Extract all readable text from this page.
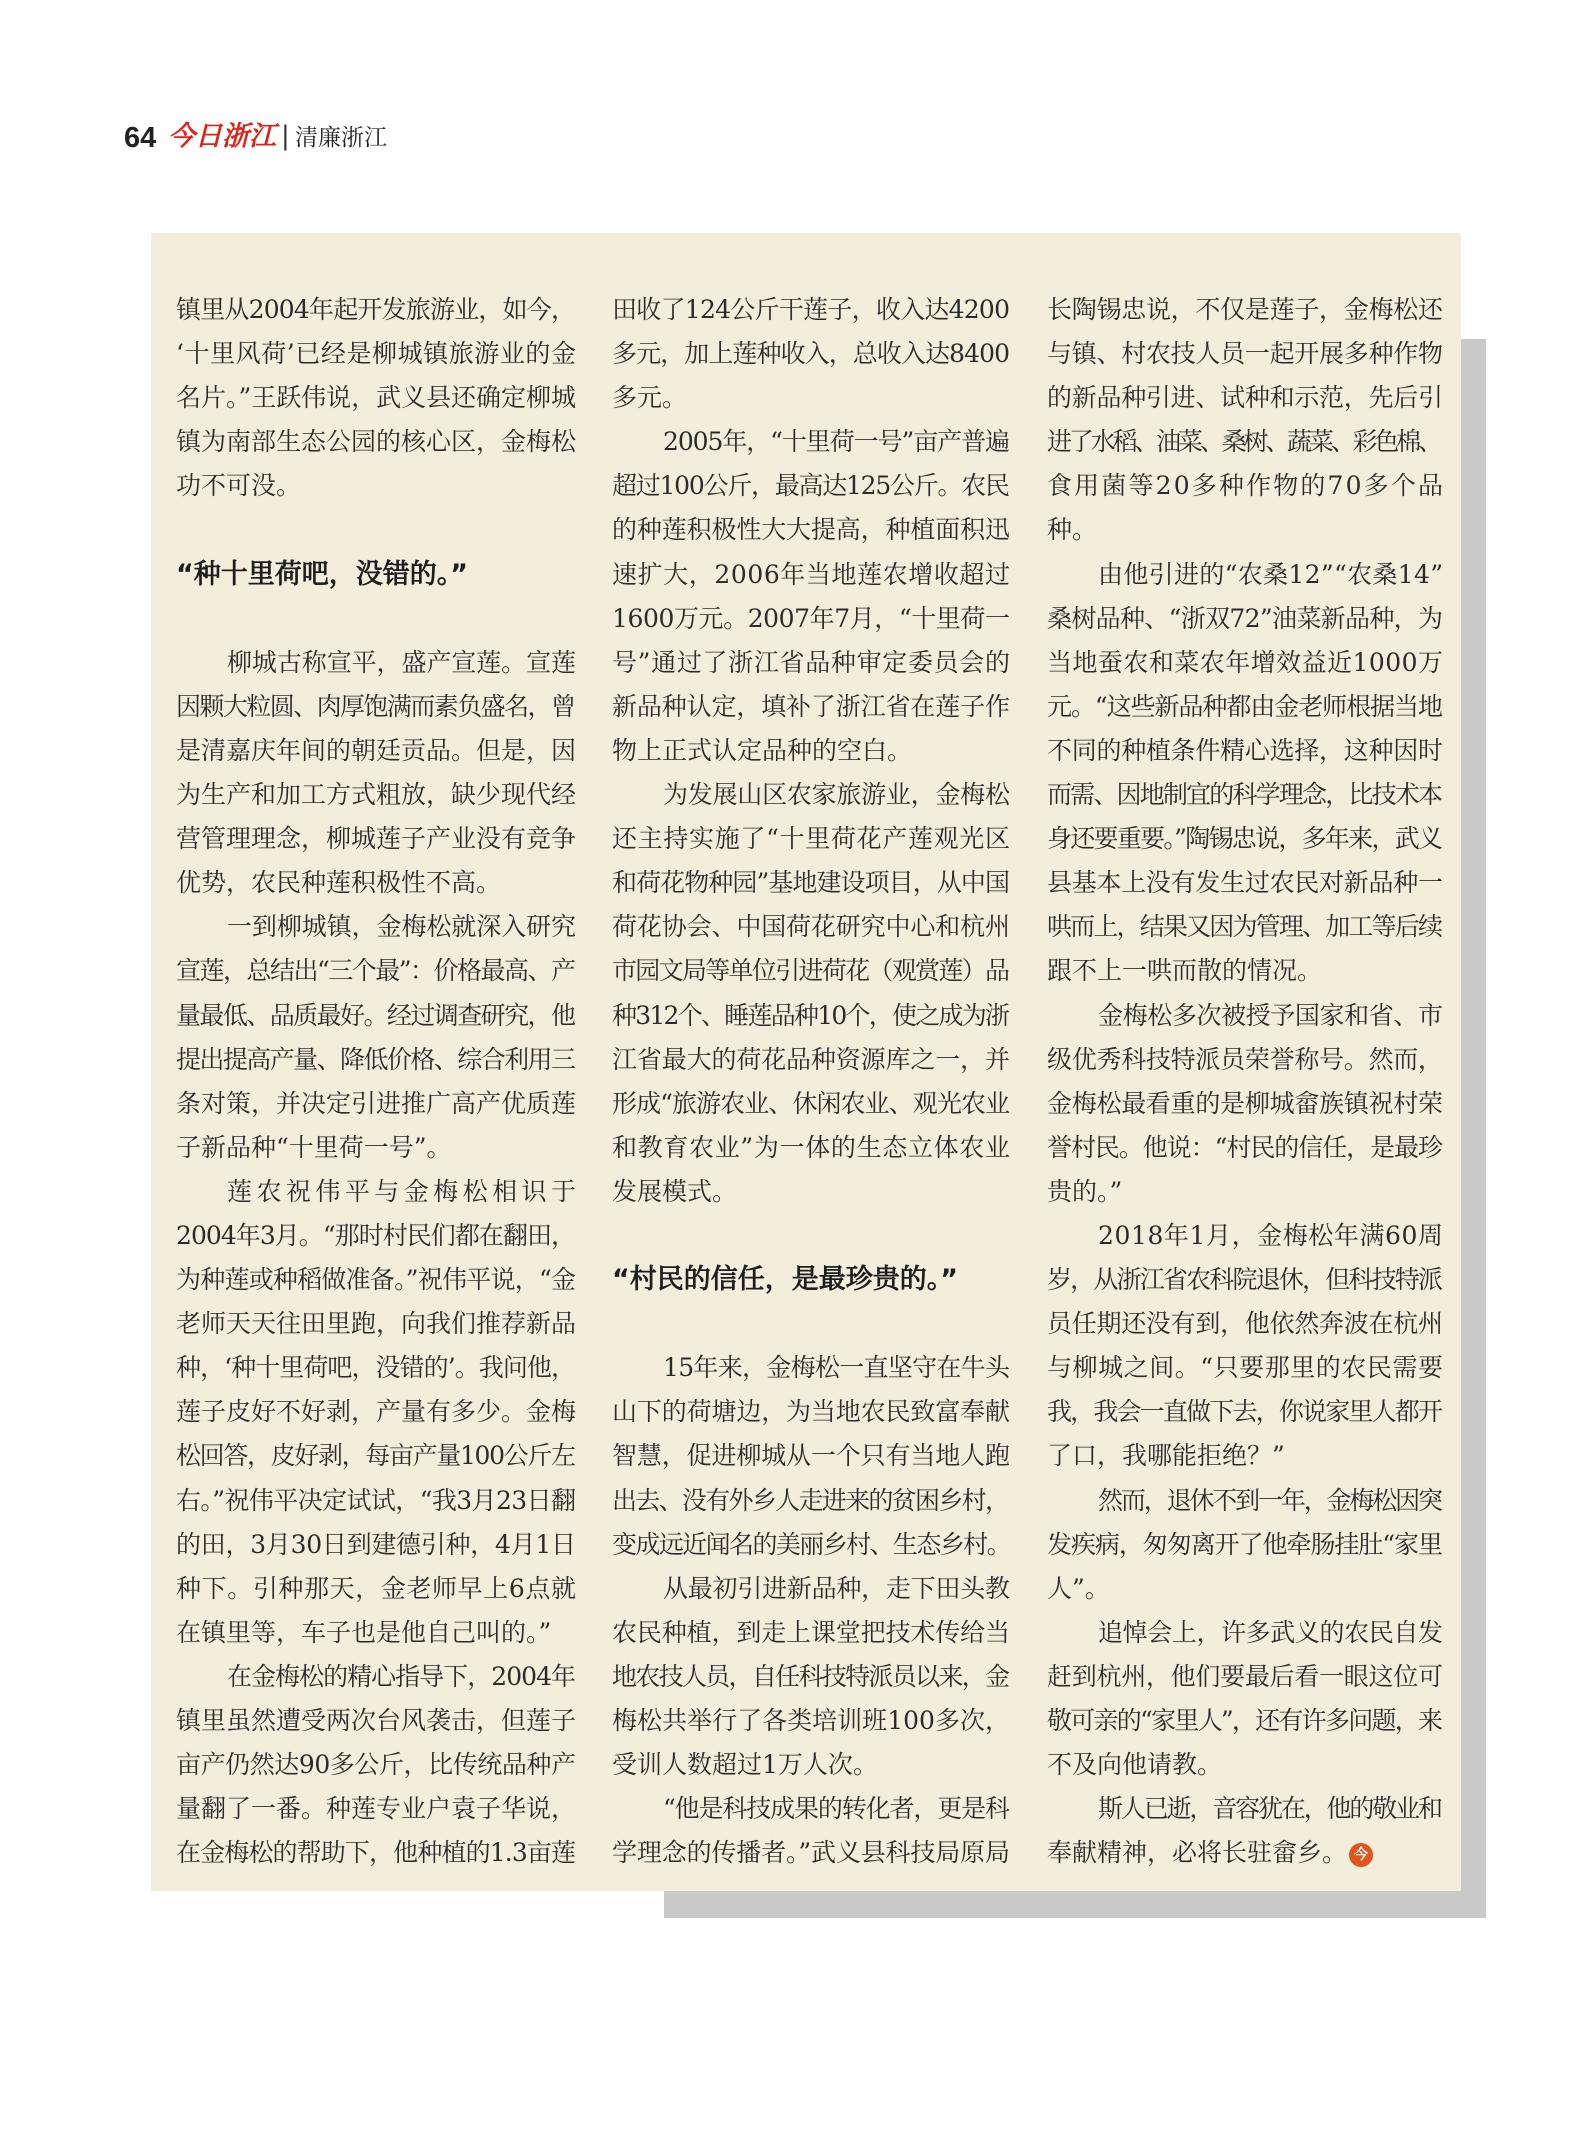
64 今日浙江 | 清廉浙江
镇里从2004年起开发旅游业，如今，
‘十里风荷’已经是柳城镇旅游业的金
名片。”王跃伟说，武义县还确定柳城
镇为南部生态公园的核心区，金梅松
功不可没。
“种十里荷吧，没错的。”
柳城古称宣平，盛产宣莲。宣莲
因颗大粒圆、肉厚饱满而素负盛名，曾
是清嘉庆年间的朝廷贡品。但是，因
为生产和加工方式粗放，缺少现代经
营管理理念，柳城莲子产业没有竞争
优势，农民种莲积极性不高。
一到柳城镇，金梅松就深入研究
宣莲，总结出“三个最”：价格最高、产
量最低、品质最好。经过调查研究，他
提出提高产量、降低价格、综合利用三
条对策，并决定引进推广高产优质莲
子新品种“十里荷一号”。
莲农祝伟平与金梅松相识于
2004年3月。“那时村民们都在翻田，
为种莲或种稻做准备。”祝伟平说，“金
老师天天往田里跑，向我们推荐新品
种，‘种十里荷吧，没错的’。我问他，
莲子皮好不好剥，产量有多少。金梅
松回答，皮好剥，每亩产量100公斤左
右。”祝伟平决定试试，“我3月23日翻
的田，3月30日到建德引种，4月1日
种下。引种那天，金老师早上6点就
在镇里等，车子也是他自己叫的。”
在金梅松的精心指导下，2004年
镇里虽然遭受两次台风袭击，但莲子
亩产仍然达90多公斤，比传统品种产
量翻了一番。种莲专业户袁子华说，
在金梅松的帮助下，他种植的1.3亩莲
田收了124公斤干莲子，收入达4200
多元，加上莲种收入，总收入达8400
多元。
2005年，“十里荷一号”亩产普遍
超过100公斤，最高达125公斤。农民
的种莲积极性大大提高，种植面积迅
速扩大，2006年当地莲农增收超过
1600万元。2007年7月，“十里荷一
号”通过了浙江省品种审定委员会的
新品种认定，填补了浙江省在莲子作
物上正式认定品种的空白。
为发展山区农家旅游业，金梅松
还主持实施了“十里荷花产莲观光区
和荷花物种园”基地建设项目，从中国
荷花协会、中国荷花研究中心和杭州
市园文局等单位引进荷花（观赏莲）品
种312个、睡莲品种10个，使之成为浙
江省最大的荷花品种资源库之一，并
形成“旅游农业、休闲农业、观光农业
和教育农业”为一体的生态立体农业
发展模式。
“村民的信任，是最珍贵的。”
15年来，金梅松一直坚守在牛头
山下的荷塘边，为当地农民致富奉献
智慧，促进柳城从一个只有当地人跑
出去、没有外乡人走进来的贫困乡村，
变成远近闻名的美丽乡村、生态乡村。
从最初引进新品种，走下田头教
农民种植，到走上课堂把技术传给当
地农技人员，自任科技特派员以来，金
梅松共举行了各类培训班100多次，
受训人数超过1万人次。
“他是科技成果的转化者，更是科
学理念的传播者。”武义县科技局原局
长陶锡忠说，不仅是莲子，金梅松还
与镇、村农技人员一起开展多种作物
的新品种引进、试种和示范，先后引
进了水稻、油菜、桑树、蔬菜、彩色棉、
食用菌等20多种作物的70多个品
种。
由他引进的“农桑12”“农桑14”
桑树品种、“浙双72”油菜新品种，为
当地蚕农和菜农年增效益近1000万
元。“这些新品种都由金老师根据当地
不同的种植条件精心选择，这种因时
而需、因地制宜的科学理念，比技术本
身还要重要。”陶锡忠说，多年来，武义
县基本上没有发生过农民对新品种一
哄而上，结果又因为管理、加工等后续
跟不上一哄而散的情况。
金梅松多次被授予国家和省、市
级优秀科技特派员荣誉称号。然而，
金梅松最看重的是柳城畲族镇祝村荣
誉村民。他说：“村民的信任，是最珍
贵的。”
2018年1月，金梅松年满60周
岁，从浙江省农科院退休，但科技特派
员任期还没有到，他依然奔波在杭州
与柳城之间。“只要那里的农民需要
我，我会一直做下去，你说家里人都开
了口，我哪能拒绝？”
然而，退休不到一年，金梅松因突
发疾病，匆匆离开了他牵肠挂肚“家里
人”。
追悼会上，许多武义的农民自发
赶到杭州，他们要最后看一眼这位可
敬可亲的“家里人”，还有许多问题，来
不及向他请教。
斯人已逝，音容犹在，他的敬业和
奉献精神，必将长驻畲乡。 今
